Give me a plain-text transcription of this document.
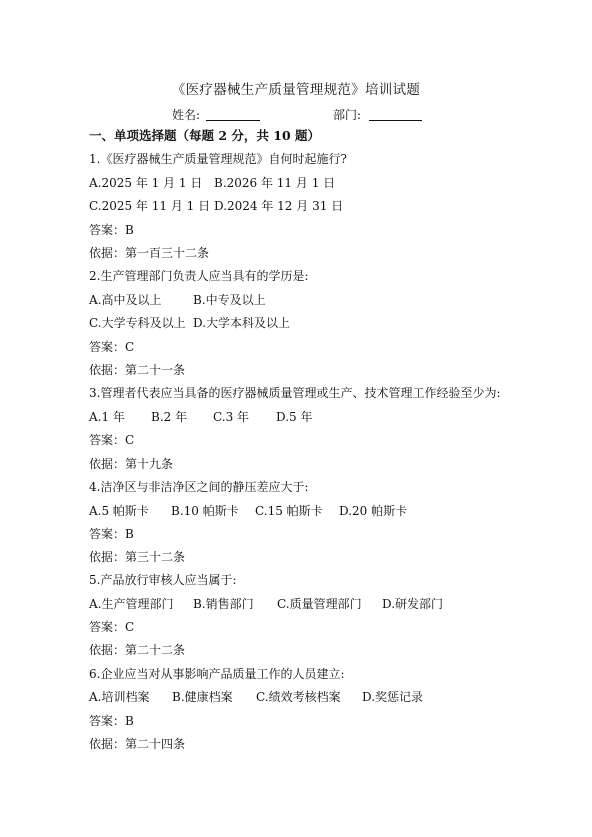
《医疗器械生产质量管理规范》培训试题
姓名:	部门:
一、单项选择题（每题 2 分，共 10 题）
1.《医疗器械生产质量管理规范》自何时起施行?
A.2025 年 1 月 1 日 B.2026 年 11 月 1 日
C.2025 年 11 月 1 日 D.2024 年 12 月 31 日
答案：B
依据：第一百三十二条
2.生产管理部门负责人应当具有的学历是:
A.高中及以上	B.中专及以上
C.大学专科及以上 D.大学本科及以上
答案：C
依据：第二十一条
3.管理者代表应当具备的医疗器械质量管理或生产、技术管理工作经验至少为:
A.1 年 B.2 年 C.3 年 D.5 年
答案：C
依据：第十九条
4.洁净区与非洁净区之间的静压差应大于:
A.5 帕斯卡 B.10 帕斯卡 C.15 帕斯卡 D.20 帕斯卡
答案：B
依据：第三十二条
5.产品放行审核人应当属于:
A.生产管理部门 B.销售部门 C.质量管理部门 D.研发部门
答案：C
依据：第二十二条
6.企业应当对从事影响产品质量工作的人员建立:
A.培训档案 B.健康档案 C.绩效考核档案 D.奖惩记录
答案：B
依据：第二十四条
